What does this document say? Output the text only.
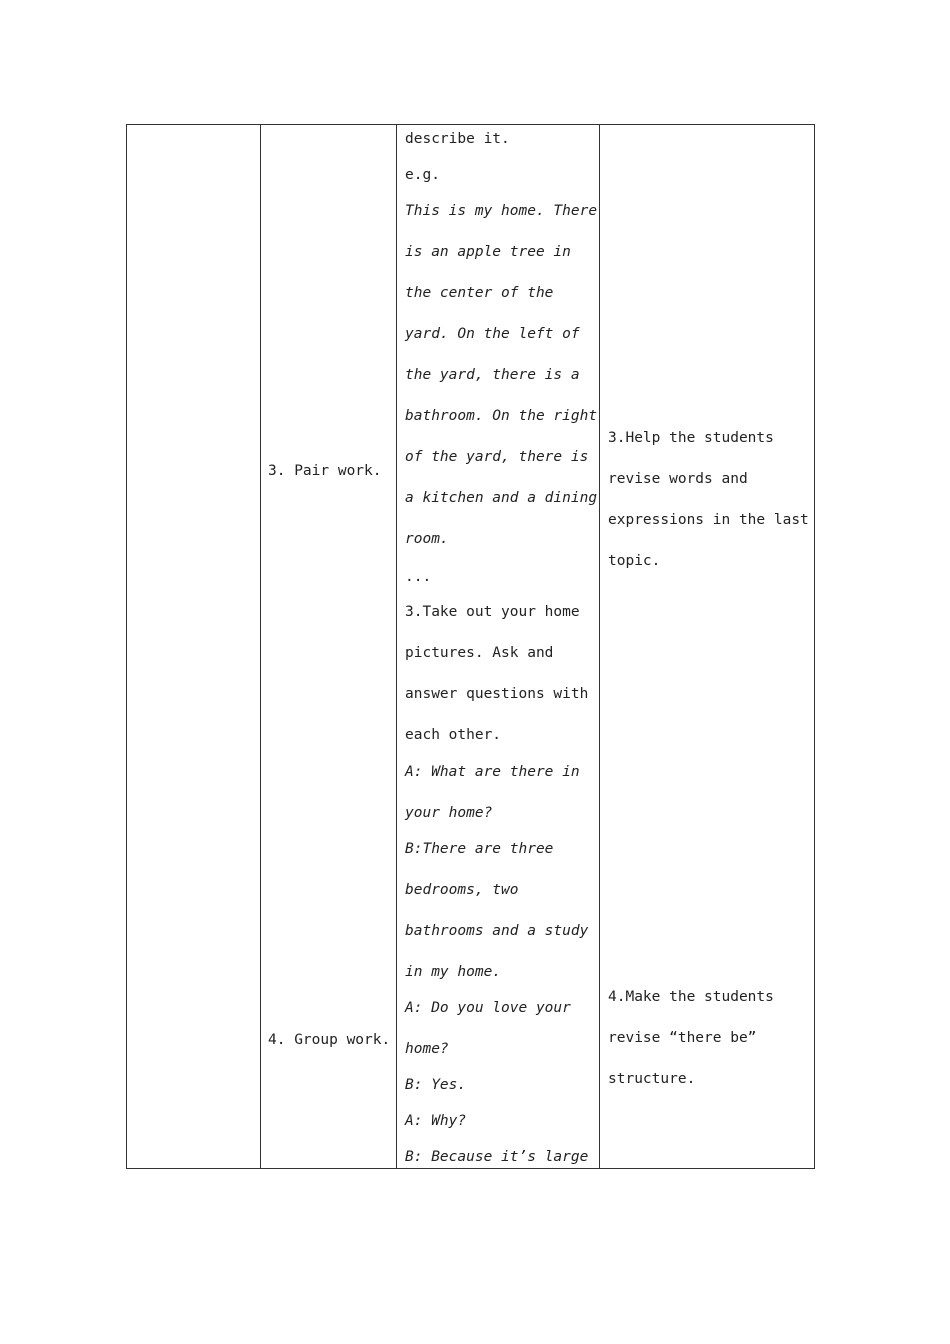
3. Pair work.
4. Group work.
describe it.
e.g.
This is my home. There
is an apple tree in
the center of the
yard. On the left of
the yard, there is a
bathroom. On the right
of the yard, there is
a kitchen and a dining
room.
...
3.Take out your home
pictures. Ask and
answer questions with
each other.
A: What are there in
your home?
B:There are three
bedrooms, two
bathrooms and a study
in my home.
A: Do you love your
home?
B: Yes.
A: Why?
B: Because it’s large
3.Help the students
revise words and
expressions in the last
topic.
4.Make the students
revise “there be”
structure.
